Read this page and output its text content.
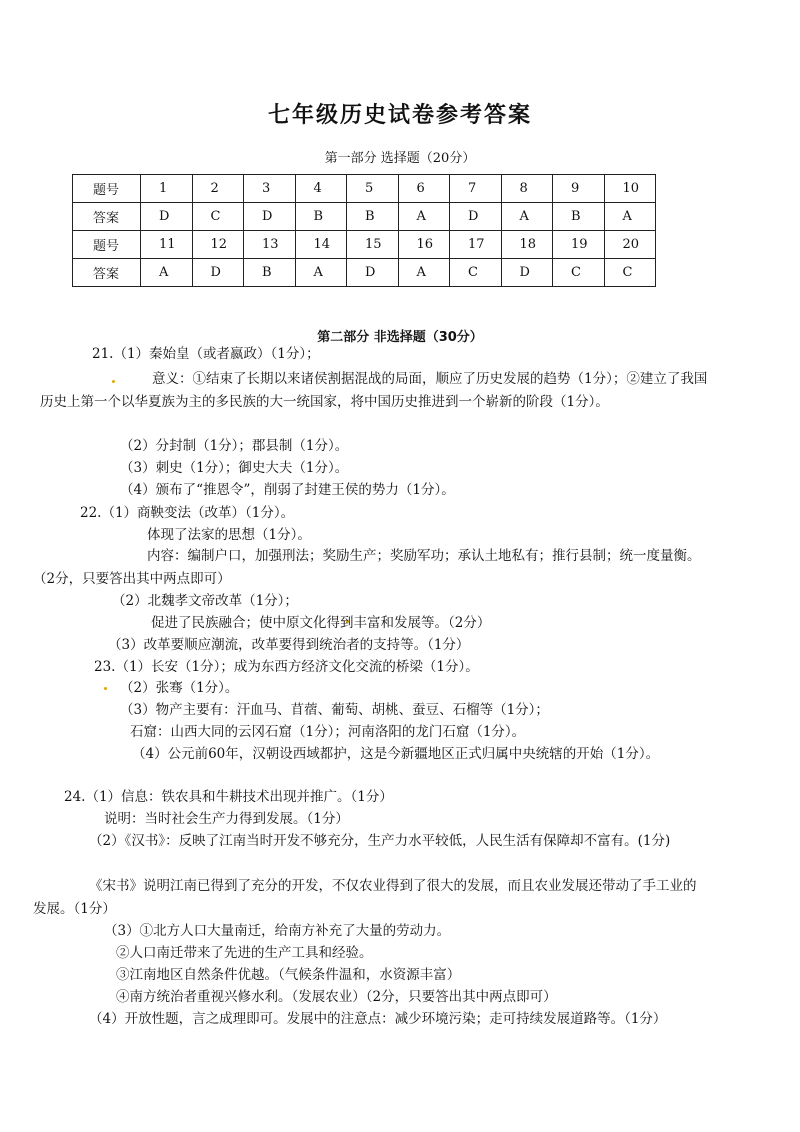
七年级历史试卷参考答案
第一部分 选择题（20分）
题号	1	2	3	4	5	6	7	8	9	10
答案	D	C	D	B	B	A	D	A	B	A
题号	11	12	13	14	15	16	17	18	19	20
答案	A	D	B	A	D	A	C	D	C	C
第二部分 非选择题（30分）
21.（1）秦始皇（或者嬴政）（1分）；
意义：①结束了长期以来诸侯割据混战的局面，顺应了历史发展的趋势（1分）；②建立了我国历史上第一个以华夏族为主的多民族的大一统国家，将中国历史推进到一个崭新的阶段（1分）。
（2）分封制（1分）；郡县制（1分）。
（3）刺史（1分）；御史大夫（1分）。
（4）颁布了“推恩令”，削弱了封建王侯的势力（1分）。
22.（1）商鞅变法（改革）（1分）。
体现了法家的思想（1分）。
内容：编制户口，加强刑法；奖励生产；奖励军功；承认土地私有；推行县制；统一度量衡。（2分，只要答出其中两点即可）
（2）北魏孝文帝改革（1分）；
促进了民族融合；使中原文化得到丰富和发展等。（2分）
（3）改革要顺应潮流，改革要得到统治者的支持等。（1分）
23.（1）长安（1分）；成为东西方经济文化交流的桥梁（1分）。
（2）张骞（1分）。
（3）物产主要有：汗血马、苜蓿、葡萄、胡桃、蚕豆、石榴等（1分）；
石窟：山西大同的云冈石窟（1分）；河南洛阳的龙门石窟（1分）。
（4）公元前60年，汉朝设西域都护，这是今新疆地区正式归属中央统辖的开始（1分）。
24.（1）信息：铁农具和牛耕技术出现并推广。（1分）
说明：当时社会生产力得到发展。（1分）
（2）《汉书》：反映了江南当时开发不够充分，生产力水平较低，人民生活有保障却不富有。(1分)
《宋书》说明江南已得到了充分的开发，不仅农业得到了很大的发展，而且农业发展还带动了手工业的发展。（1分）
（3）①北方人口大量南迁，给南方补充了大量的劳动力。
②人口南迁带来了先进的生产工具和经验。
③江南地区自然条件优越。（气候条件温和，水资源丰富）
④南方统治者重视兴修水利。（发展农业）（2分，只要答出其中两点即可）
（4）开放性题，言之成理即可。发展中的注意点：减少环境污染；走可持续发展道路等。（1分）
